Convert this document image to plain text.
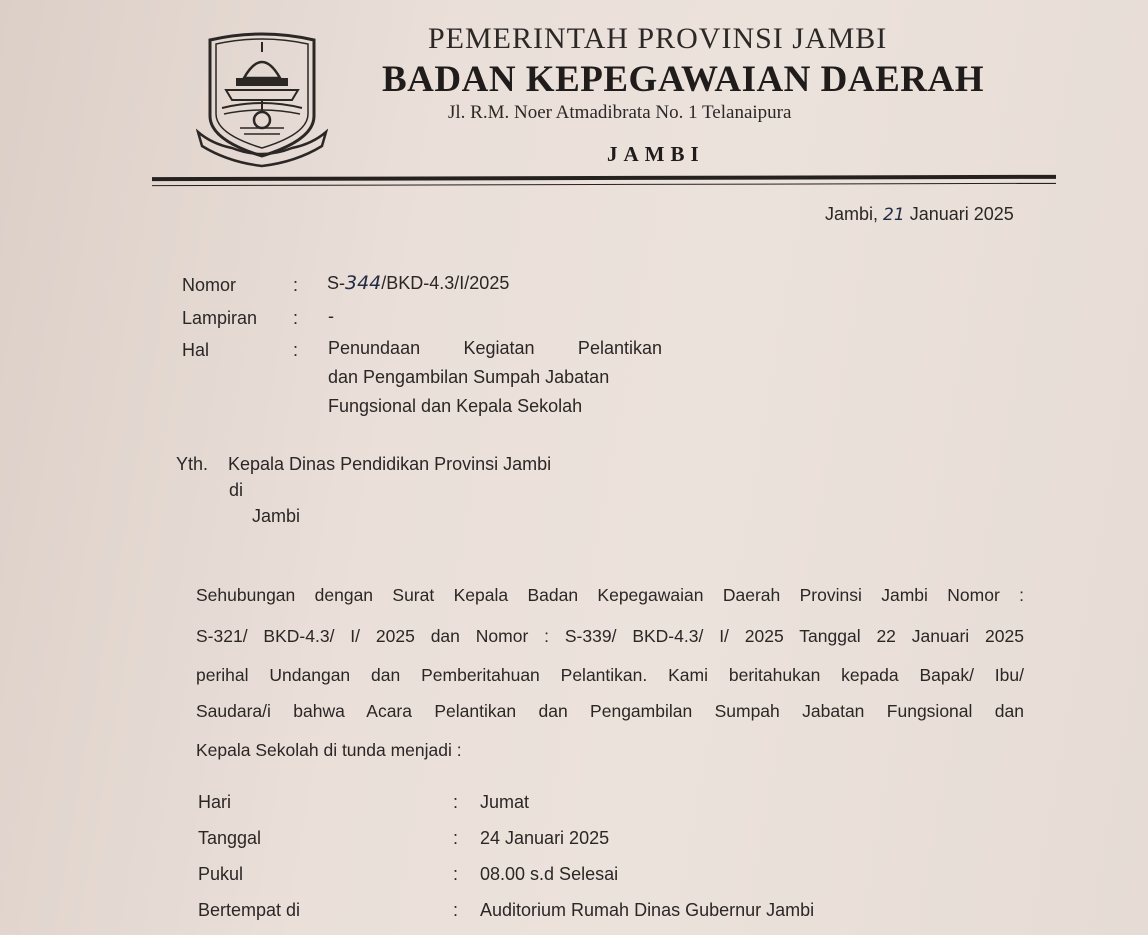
PEMERINTAH PROVINSI JAMBI
BADAN KEPEGAWAIAN DAERAH
Jl. R.M. Noer Atmadibrata No. 1 Telanaipura
JAMBI
Jambi, 21 Januari 2025
Nomor	: S-344/BKD-4.3/I/2025
Lampiran : -
Hal	: Penundaan Kegiatan Pelantikan
dan Pengambilan Sumpah Jabatan
Fungsional dan Kepala Sekolah
Yth. Kepala Dinas Pendidikan Provinsi Jambi
di
Jambi
Sehubungan dengan Surat Kepala Badan Kepegawaian Daerah Provinsi Jambi Nomor :
S-321/ BKD-4.3/ I/ 2025 dan Nomor : S-339/ BKD-4.3/ I/ 2025 Tanggal 22 Januari 2025
perihal Undangan dan Pemberitahuan Pelantikan. Kami beritahukan kepada Bapak/ Ibu/
Saudara/i bahwa Acara Pelantikan dan Pengambilan Sumpah Jabatan Fungsional dan
Kepala Sekolah di tunda menjadi :
Hari	: Jumat
Tanggal	: 24 Januari 2025
Pukul	: 08.00 s.d Selesai
Bertempat di	: Auditorium Rumah Dinas Gubernur Jambi
